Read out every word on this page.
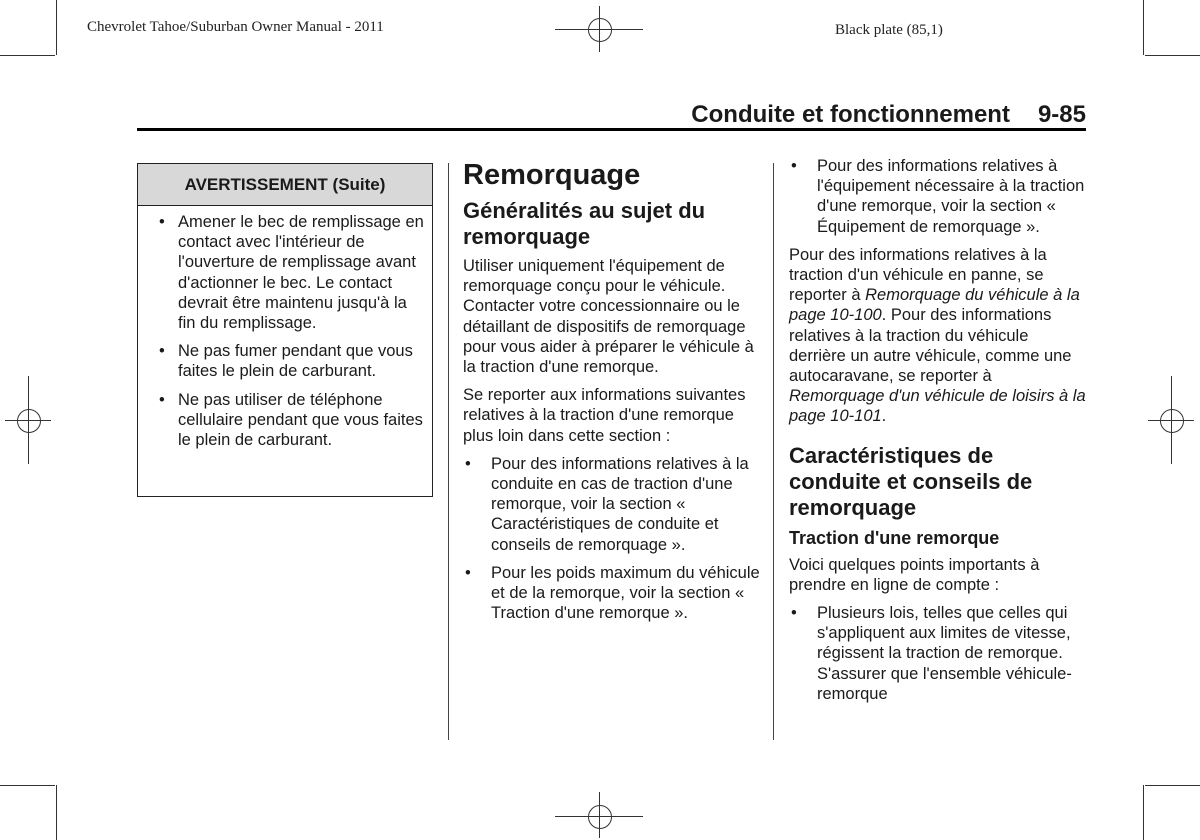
Chevrolet Tahoe/Suburban Owner Manual - 2011	Black plate (85,1)
Conduite et fonctionnement 9-85
AVERTISSEMENT (Suite)
• Amener le bec de remplissage en contact avec l'intérieur de l'ouverture de remplissage avant d'actionner le bec. Le contact devrait être maintenu jusqu'à la fin du remplissage.
• Ne pas fumer pendant que vous faites le plein de carburant.
• Ne pas utiliser de téléphone cellulaire pendant que vous faites le plein de carburant.
Remorquage
Généralités au sujet du remorquage

Utiliser uniquement l'équipement de remorquage conçu pour le véhicule. Contacter votre concessionnaire ou le détaillant de dispositifs de remorquage pour vous aider à préparer le véhicule à la traction d'une remorque.

Se reporter aux informations suivantes relatives à la traction d'une remorque plus loin dans cette section :

• Pour des informations relatives à la conduite en cas de traction d'une remorque, voir la section « Caractéristiques de conduite et conseils de remorquage ».
• Pour les poids maximum du véhicule et de la remorque, voir la section « Traction d'une remorque ».
• Pour des informations relatives à l'équipement nécessaire à la traction d'une remorque, voir la section « Équipement de remorquage ».

Pour des informations relatives à la traction d'un véhicule en panne, se reporter à Remorquage du véhicule à la page 10-100. Pour des informations relatives à la traction du véhicule derrière un autre véhicule, comme une autocaravane, se reporter à Remorquage d'un véhicule de loisirs à la page 10-101.

Caractéristiques de conduite et conseils de remorquage
Traction d'une remorque

Voici quelques points importants à prendre en ligne de compte :

• Plusieurs lois, telles que celles qui s'appliquent aux limites de vitesse, régissent la traction de remorque. S'assurer que l'ensemble véhicule-remorque
